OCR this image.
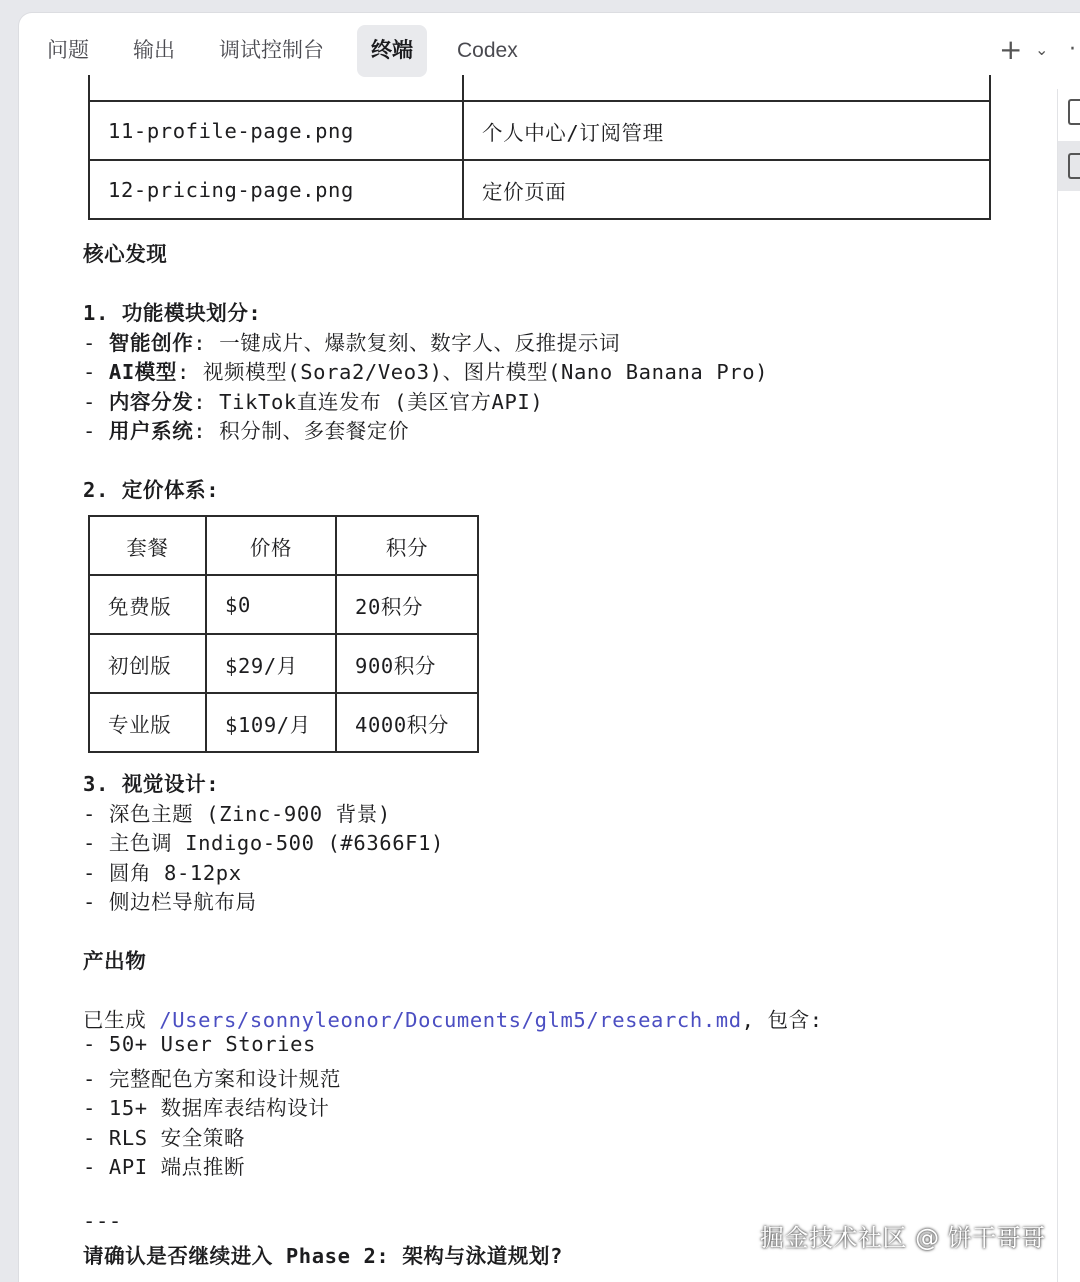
问题	输出	调试控制台	终端	Codex	+ ⌄ ·

11-profile-page.png	个人中心/订阅管理
12-pricing-page.png	定价页面
核心发现
1. 功能模块划分:
- 智能创作: 一键成片、爆款复刻、数字人、反推提示词
- AI模型: 视频模型(Sora2/Veo3)、图片模型(Nano Banana Pro)
- 内容分发: TikTok直连发布 (美区官方API)
- 用户系统: 积分制、多套餐定价
2. 定价体系:
套餐	价格	积分
免费版	$0	20积分
初创版	$29/月	900积分
专业版	$109/月	4000积分
3. 视觉设计:
- 深色主题 (Zinc-900 背景)
- 主色调 Indigo-500 (#6366F1)
- 圆角 8-12px
- 侧边栏导航布局
产出物
已生成 /Users/sonnyleonor/Documents/glm5/research.md, 包含:
- 50+ User Stories
- 完整配色方案和设计规范
- 15+ 数据库表结构设计
- RLS 安全策略
- API 端点推断
---
请确认是否继续进入 Phase 2: 架构与泳道规划?
掘金技术社区 @ 饼干哥哥
